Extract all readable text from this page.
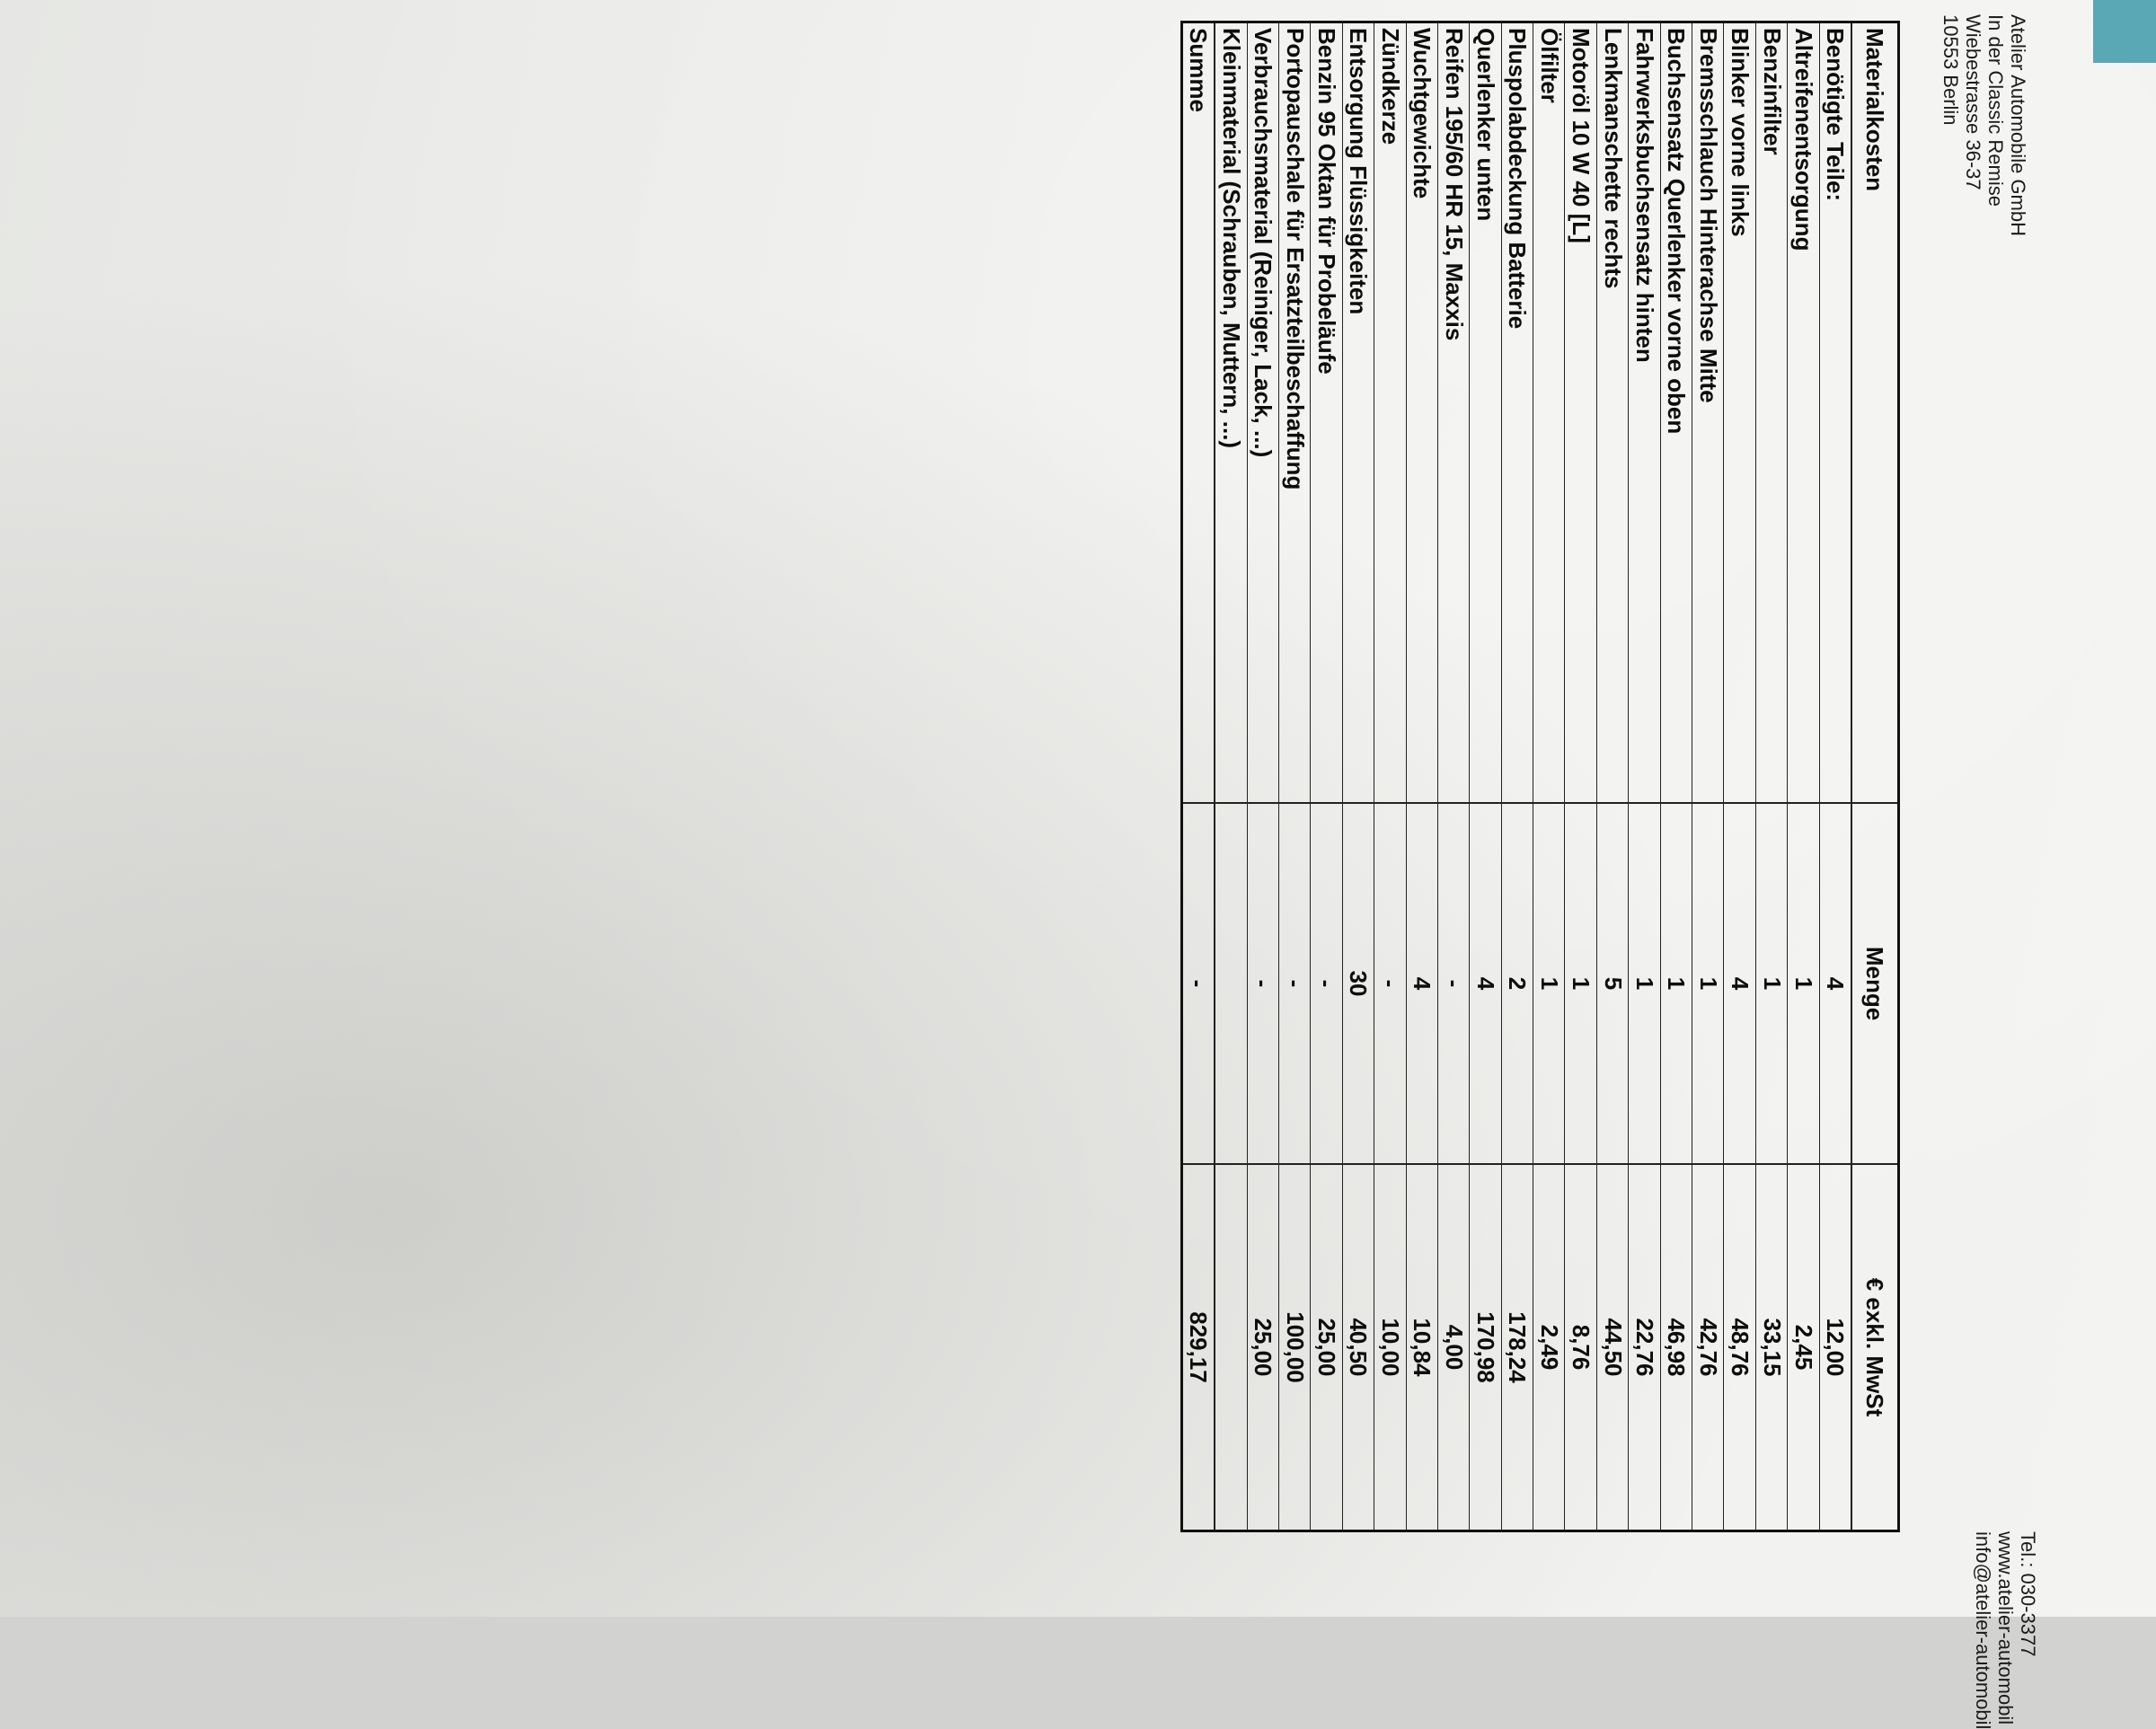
Atelier Automobile GmbH
In der Classic Remise
Wiebestrasse 36-37
10553 Berlin
Tel.: 030-3377
www.atelier-automobil
info@atelier-automobil
Materialkosten	Menge	€ exkl. MwSt
Benötigte Teile:	4	12,00
Altreifenentsorgung	1	2,45
Benzinfilter	1	33,15
Blinker vorne links	4	48,76
Bremsschlauch Hinterachse Mitte	1	42,76
Buchsensatz Querlenker vorne oben	1	46,98
Fahrwerksbuchsensatz hinten	1	22,76
Lenkmanschette rechts	5	44,50
Motoröl 10 W 40 [L]	1	8,76
Ölfilter	1	2,49
Pluspolabdeckung Batterie	2	178,24
Querlenker unten	4	170,98
Reifen 195/60 HR 15, Maxxis	-	4,00
Wuchtgewichte	4	10,84
Zündkerze	-	10,00
Entsorgung Flüssigkeiten	30	40,50
Benzin 95 Oktan für Probeläufe	-	25,00
Portopauschale für Ersatzteilbeschaffung	-	100,00
Verbrauchsmaterial (Reiniger, Lack, ...)	-	25,00
Kleinmaterial (Schrauben, Muttern, ...)		
Summe	-	829,17
